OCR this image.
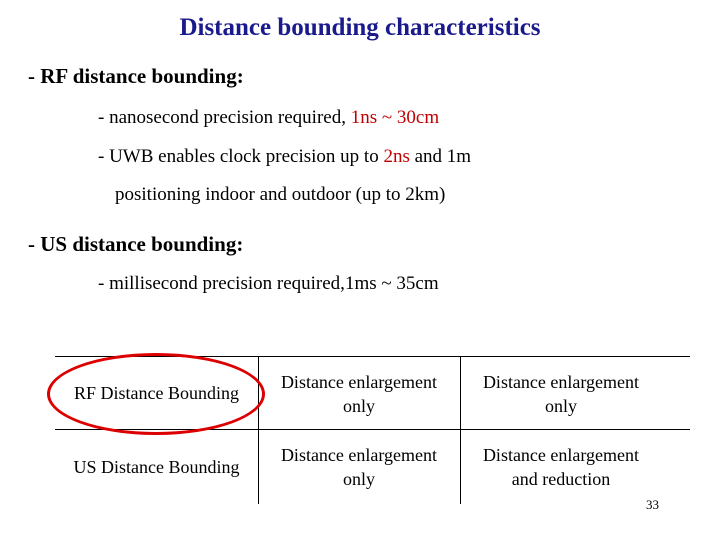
Distance bounding characteristics
- RF distance bounding:
- nanosecond precision required, 1ns ~ 30cm
- UWB enables clock precision up to 2ns and 1m
positioning indoor and outdoor (up to 2km)
- US distance bounding:
- millisecond precision required,1ms ~ 35cm
RF Distance Bounding
Distance enlargement
only
Distance enlargement
only
US Distance Bounding
Distance enlargement
only
Distance enlargement
and reduction
33
